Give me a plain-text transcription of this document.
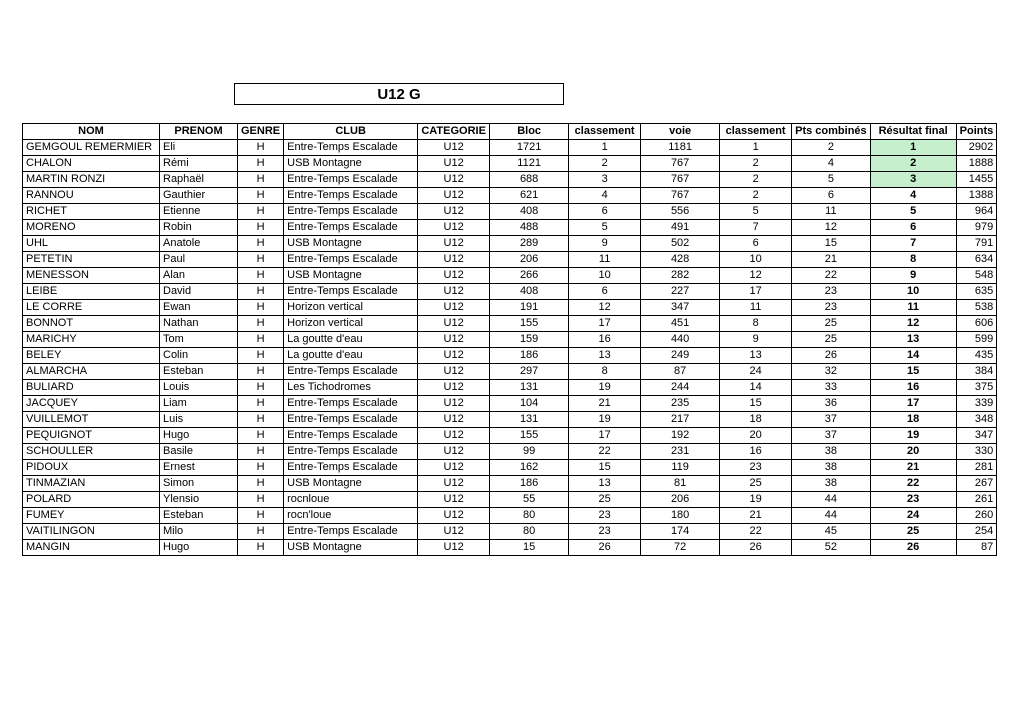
U12 G
NOM	PRENOM	GENRE	CLUB	CATEGORIE	Bloc	classement	voie	classement	Pts combinés	Résultat final	Points
GEMGOUL REMERMIER	Eli	H	Entre-Temps Escalade	U12	1721	1	1181	1	2	1	2902
CHALON	Rémi	H	USB Montagne	U12	1121	2	767	2	4	2	1888
MARTIN RONZI	Raphaël	H	Entre-Temps Escalade	U12	688	3	767	2	5	3	1455
RANNOU	Gauthier	H	Entre-Temps Escalade	U12	621	4	767	2	6	4	1388
RICHET	Etienne	H	Entre-Temps Escalade	U12	408	6	556	5	11	5	964
MORENO	Robin	H	Entre-Temps Escalade	U12	488	5	491	7	12	6	979
UHL	Anatole	H	USB Montagne	U12	289	9	502	6	15	7	791
PETETIN	Paul	H	Entre-Temps Escalade	U12	206	11	428	10	21	8	634
MENESSON	Alan	H	USB Montagne	U12	266	10	282	12	22	9	548
LEIBE	David	H	Entre-Temps Escalade	U12	408	6	227	17	23	10	635
LE CORRE	Ewan	H	Horizon vertical	U12	191	12	347	11	23	11	538
BONNOT	Nathan	H	Horizon vertical	U12	155	17	451	8	25	12	606
MARICHY	Tom	H	La goutte d'eau	U12	159	16	440	9	25	13	599
BELEY	Colin	H	La goutte d'eau	U12	186	13	249	13	26	14	435
ALMARCHA	Esteban	H	Entre-Temps Escalade	U12	297	8	87	24	32	15	384
BULIARD	Louis	H	Les Tichodromes	U12	131	19	244	14	33	16	375
JACQUEY	Liam	H	Entre-Temps Escalade	U12	104	21	235	15	36	17	339
VUILLEMOT	Luis	H	Entre-Temps Escalade	U12	131	19	217	18	37	18	348
PEQUIGNOT	Hugo	H	Entre-Temps Escalade	U12	155	17	192	20	37	19	347
SCHOULLER	Basile	H	Entre-Temps Escalade	U12	99	22	231	16	38	20	330
PIDOUX	Ernest	H	Entre-Temps Escalade	U12	162	15	119	23	38	21	281
TINMAZIAN	Simon	H	USB Montagne	U12	186	13	81	25	38	22	267
POLARD	Ylensio	H	rocnloue	U12	55	25	206	19	44	23	261
FUMEY	Esteban	H	rocn'loue	U12	80	23	180	21	44	24	260
VAITILINGON	Milo	H	Entre-Temps Escalade	U12	80	23	174	22	45	25	254
MANGIN	Hugo	H	USB Montagne	U12	15	26	72	26	52	26	87
